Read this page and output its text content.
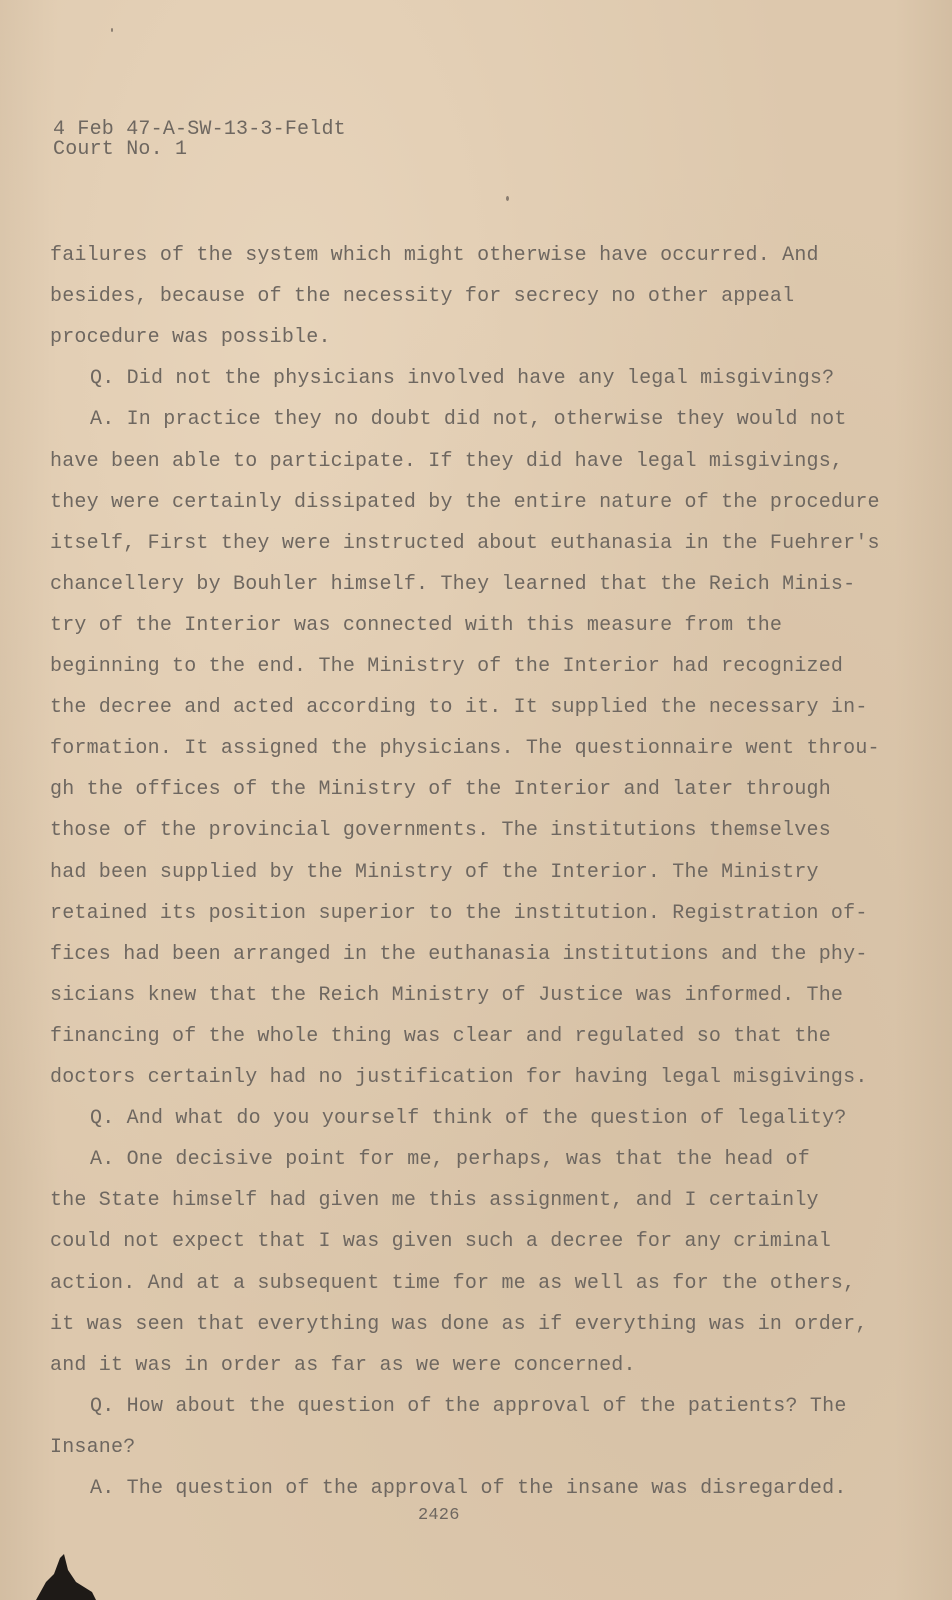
4 Feb 47-A-SW-13-3-Feldt
Court No. 1
failures of the system which might otherwise have occurred. And
besides, because of the necessity for secrecy no other appeal
procedure was possible.
Q. Did not the physicians involved have any legal misgivings?
A. In practice they no doubt did not, otherwise they would not
have been able to participate. If they did have legal misgivings,
they were certainly dissipated by the entire nature of the procedure
itself, First they were instructed about euthanasia in the Fuehrer's
chancellery by Bouhler himself. They learned that the Reich Minis-
try of the Interior was connected with this measure from the
beginning to the end. The Ministry of the Interior had recognized
the decree and acted according to it. It supplied the necessary in-
formation. It assigned the physicians. The questionnaire went throu-
gh the offices of the Ministry of the Interior and later through
those of the provincial governments. The institutions themselves
had been supplied by the Ministry of the Interior. The Ministry
retained its position superior to the institution. Registration of-
fices had been arranged in the euthanasia institutions and the phy-
sicians knew that the Reich Ministry of Justice was informed. The
financing of the whole thing was clear and regulated so that the
doctors certainly had no justification for having legal misgivings.
Q. And what do you yourself think of the question of legality?
A. One decisive point for me, perhaps, was that the head of
the State himself had given me this assignment, and I certainly
could not expect that I was given such a decree for any criminal
action. And at a subsequent time for me as well as for the others,
it was seen that everything was done as if everything was in order,
and it was in order as far as we were concerned.
Q. How about the question of the approval of the patients? The
Insane?
A. The question of the approval of the insane was disregarded.
2426
